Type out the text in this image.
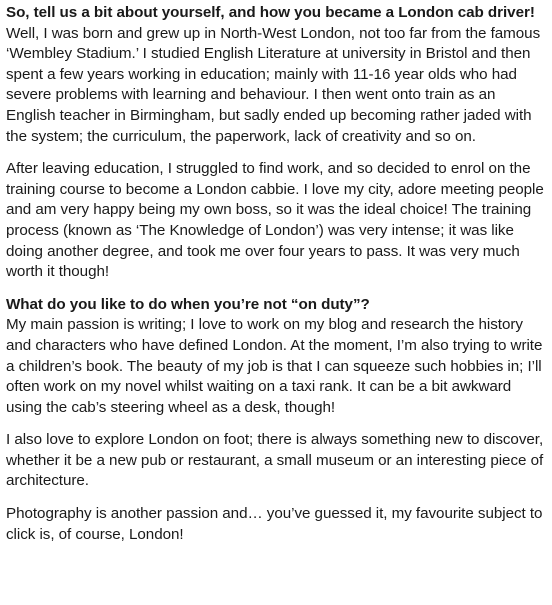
So, tell us a bit about yourself, and how you became a London cab driver!

Well, I was born and grew up in North-West London, not too far from the famous ‘Wembley Stadium.’ I studied English Literature at university in Bristol and then spent a few years working in education; mainly with 11-16 year olds who had severe problems with learning and behaviour. I then went onto train as an English teacher in Birmingham, but sadly ended up becoming rather jaded with the system; the curriculum, the paperwork, lack of creativity and so on.

After leaving education, I struggled to find work, and so decided to enrol on the training course to become a London cabbie. I love my city, adore meeting people and am very happy being my own boss, so it was the ideal choice! The training process (known as ‘The Knowledge of London’) was very intense; it was like doing another degree, and took me over four years to pass. It was very much worth it though!

What do you like to do when you’re not “on duty”?

My main passion is writing; I love to work on my blog and research the history and characters who have defined London. At the moment, I’m also trying to write a children’s book. The beauty of my job is that I can squeeze such hobbies in; I’ll often work on my novel whilst waiting on a taxi rank. It can be a bit awkward using the cab’s steering wheel as a desk, though!

I also love to explore London on foot; there is always something new to discover, whether it be a new pub or restaurant, a small museum or an interesting piece of architecture.

Photography is another passion and… you’ve guessed it, my favourite subject to click is, of course, London!
